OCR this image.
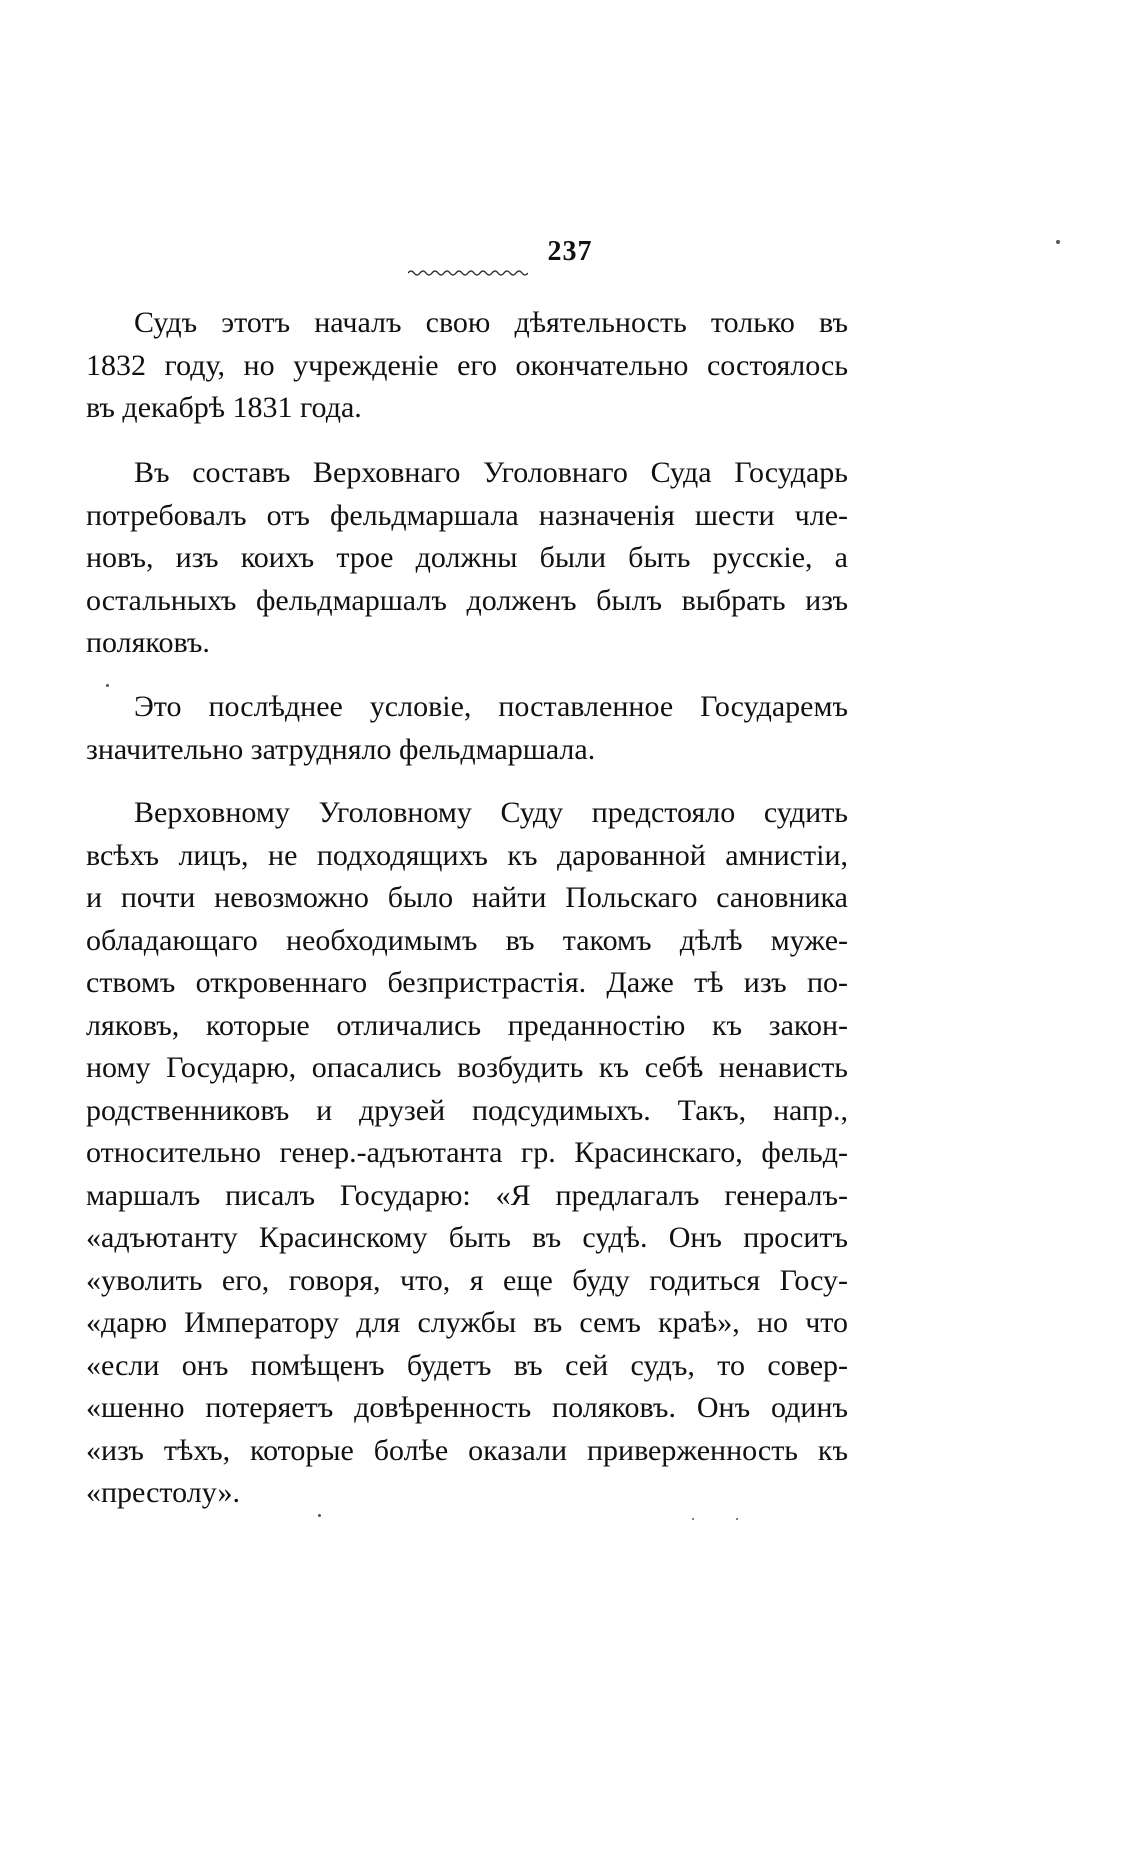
237
Судъ этотъ началъ свою дѣятельность только въ
1832 году, но учрежденіе его окончательно состоялось
въ декабрѣ 1831 года.
Въ составъ Верховнаго Уголовнаго Суда Государь
потребовалъ отъ фельдмаршала назначенія шести чле-
новъ, изъ коихъ трое должны были быть русскіе, а
остальныхъ фельдмаршалъ долженъ былъ выбрать изъ
поляковъ.
Это послѣднее условіе, поставленное Государемъ
значительно затрудняло фельдмаршала.
Верховному Уголовному Суду предстояло судить
всѣхъ лицъ, не подходящихъ къ дарованной амнистіи,
и почти невозможно было найти Польскаго сановника
обладающаго необходимымъ въ такомъ дѣлѣ муже-
ствомъ откровеннаго безпристрастія. Даже тѣ изъ по-
ляковъ, которые отличались преданностію къ закон-
ному Государю, опасались возбудить къ себѣ ненависть
родственниковъ и друзей подсудимыхъ. Такъ, напр.,
относительно генер.-адъютанта гр. Красинскаго, фельд-
маршалъ писалъ Государю: «Я предлагалъ генералъ-
«адъютанту Красинскому быть въ судѣ. Онъ проситъ
«уволить его, говоря, что, я еще буду годиться Госу-
«дарю Императору для службы въ семъ краѣ», но что
«если онъ помѣщенъ будетъ въ сей судъ, то совер-
«шенно потеряетъ довѣренность поляковъ. Онъ одинъ
«изъ тѣхъ, которые болѣе оказали приверженность къ
«престолу».
